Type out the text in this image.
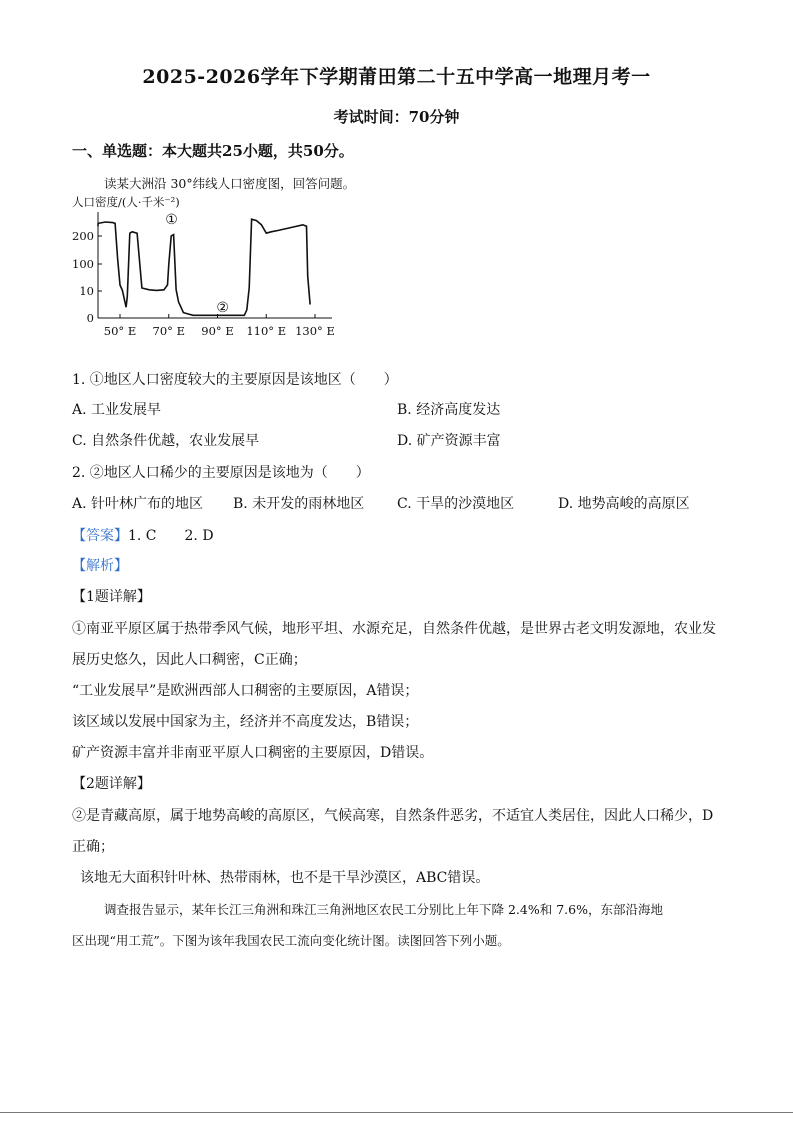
2025-2026学年下学期莆田第二十五中学高一地理月考一
考试时间：70分钟
一、单选题：本大题共25小题，共50分。
读某大洲沿 30°纬线人口密度图，回答问题。
人口密度/(人·千米⁻²)
0
10
100
200
50° E 70° E 90° E 110° E 130° E
①
②
1. ①地区人口密度较大的主要原因是该地区（　　）
A. 工业发展早	B. 经济高度发达
C. 自然条件优越，农业发展早	D. 矿产资源丰富
2. ②地区人口稀少的主要原因是该地为（　　）
A. 针叶林广布的地区 B. 未开发的雨林地区 C. 干旱的沙漠地区	D. 地势高峻的高原区
【答案】1. C　　2. D
【解析】
【1题详解】
①南亚平原区属于热带季风气候，地形平坦、水源充足，自然条件优越，是世界古老文明发源地，农业发
展历史悠久，因此人口稠密，C正确；
“工业发展早”是欧洲西部人口稠密的主要原因，A错误；
该区域以发展中国家为主，经济并不高度发达，B错误；
矿产资源丰富并非南亚平原人口稠密的主要原因，D错误。
【2题详解】
②是青藏高原，属于地势高峻的高原区，气候高寒，自然条件恶劣，不适宜人类居住，因此人口稀少，D
正确；
该地无大面积针叶林、热带雨林，也不是干旱沙漠区，ABC错误。
调查报告显示，某年长江三角洲和珠江三角洲地区农民工分别比上年下降 2.4%和 7.6%，东部沿海地
区出现“用工荒”。下图为该年我国农民工流向变化统计图。读图回答下列小题。
